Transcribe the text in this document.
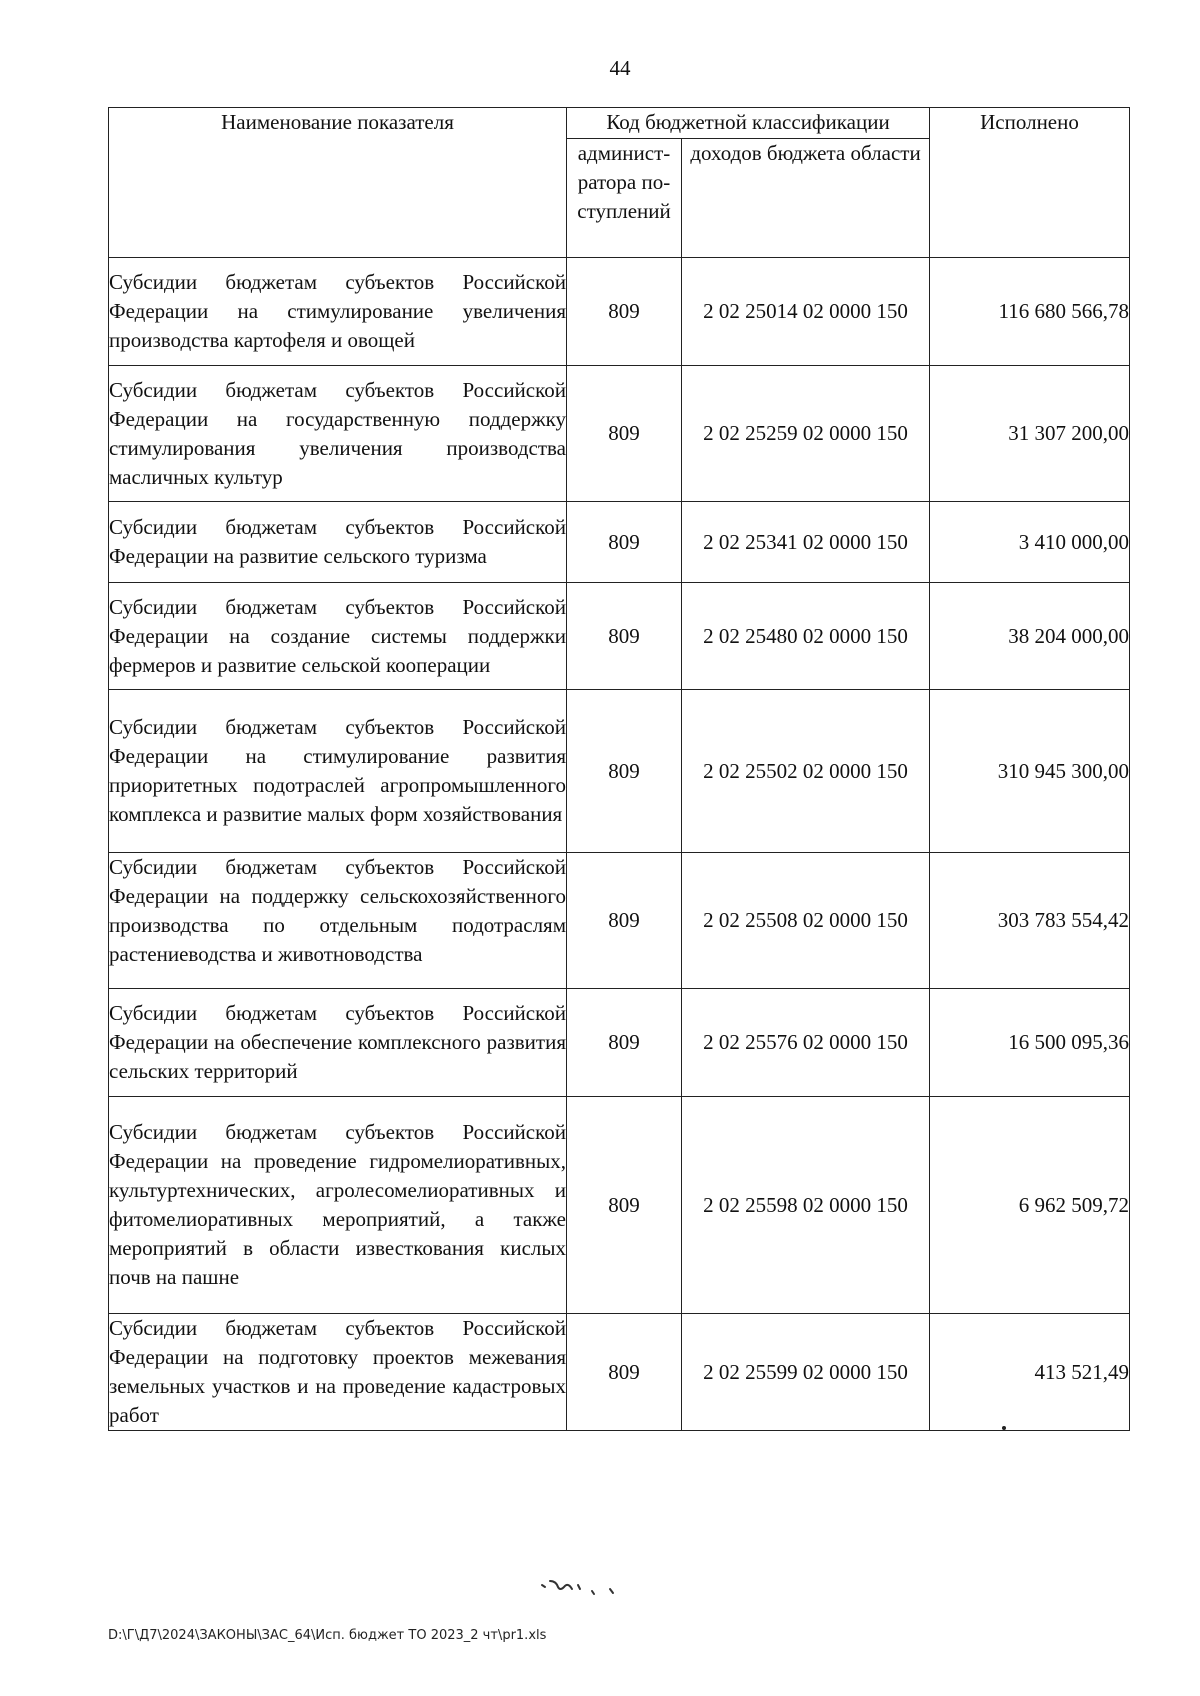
44
Наименование показателя	Код бюджетной классификации		Исполнено
	админист-ратора по-ступлений	доходов бюджета области	
Субсидии бюджетам субъектов Российской Федерации на стимулирование увеличения производства картофеля и овощей	809	2 02 25014 02 0000 150	116 680 566,78
Субсидии бюджетам субъектов Российской Федерации на государственную поддержку стимулирования увеличения производства масличных культур	809	2 02 25259 02 0000 150	31 307 200,00
Субсидии бюджетам субъектов Российской Федерации на развитие сельского туризма	809	2 02 25341 02 0000 150	3 410 000,00
Субсидии бюджетам субъектов Российской Федерации на создание системы поддержки фермеров и развитие сельской кооперации	809	2 02 25480 02 0000 150	38 204 000,00
Субсидии бюджетам субъектов Российской Федерации на стимулирование развития приоритетных подотраслей агропромышленного комплекса и развитие малых форм хозяйствования	809	2 02 25502 02 0000 150	310 945 300,00
Субсидии бюджетам субъектов Российской Федерации на поддержку сельскохозяйственного производства по отдельным подотраслям растениеводства и животноводства	809	2 02 25508 02 0000 150	303 783 554,42
Субсидии бюджетам субъектов Российской Федерации на обеспечение комплексного развития сельских территорий	809	2 02 25576 02 0000 150	16 500 095,36
Субсидии бюджетам субъектов Российской Федерации на проведение гидромелиоративных, культуртехнических, агролесомелиоративных и фитомелиоративных мероприятий, а также мероприятий в области известкования кислых почв на пашне	809	2 02 25598 02 0000 150	6 962 509,72
Субсидии бюджетам субъектов Российской Федерации на подготовку проектов межевания земельных участков и на проведение кадастровых работ	809	2 02 25599 02 0000 150	413 521,49
D:\Г\Д7\2024\ЗАКОНЫ\ЗАС_64\Исп. бюджет ТО 2023_2 чт\pr1.xls
